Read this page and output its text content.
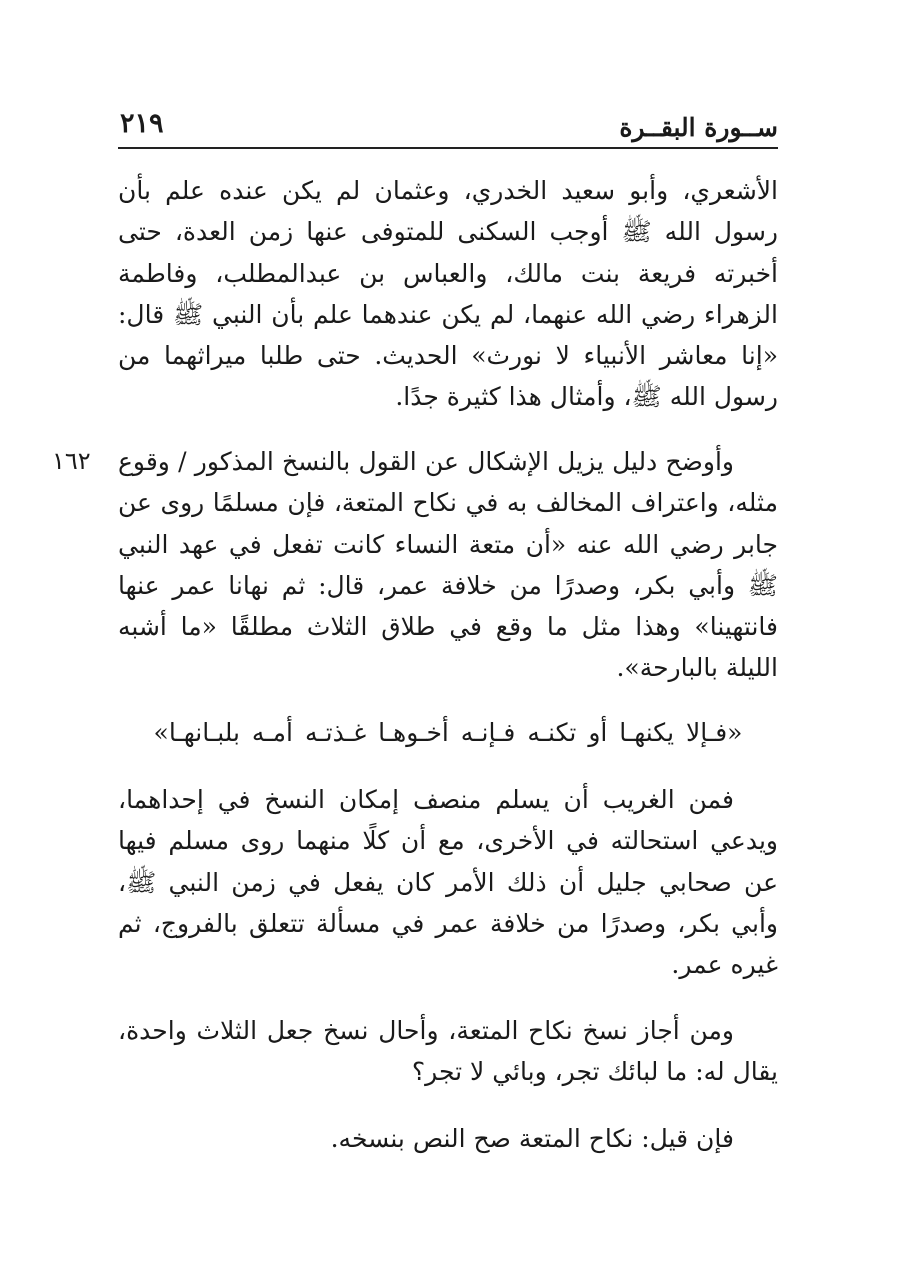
ســورة البقــرة
٢١٩

الأشعري، وأبو سعيد الخدري، وعثمان لم يكن عنده علم بأن رسول الله ﷺ أوجب السكنى للمتوفى عنها زمن العدة، حتى أخبرته فريعة بنت مالك، والعباس بن عبدالمطلب، وفاطمة الزهراء رضي الله عنهما، لم يكن عندهما علم بأن النبي ﷺ قال: «إنا معاشر الأنبياء لا نورث» الحديث. حتى طلبا ميراثهما من رسول الله ﷺ، وأمثال هذا كثيرة جدًا.

١٦٢ وأوضح دليل يزيل الإشكال عن القول بالنسخ المذكور / وقوع مثله، واعتراف المخالف به في نكاح المتعة، فإن مسلمًا روى عن جابر رضي الله عنه «أن متعة النساء كانت تفعل في عهد النبي ﷺ وأبي بكر، وصدرًا من خلافة عمر، قال: ثم نهانا عمر عنها فانتهينا» وهذا مثل ما وقع في طلاق الثلاث مطلقًا «ما أشبه الليلة بالبارحة».

«فـإلا يكنهـا أو تكنـه فـإنـه أخـوهـا غـذتـه أمـه بلبـانهـا»

فمن الغريب أن يسلم منصف إمكان النسخ في إحداهما، ويدعي استحالته في الأخرى، مع أن كلًا منهما روى مسلم فيها عن صحابي جليل أن ذلك الأمر كان يفعل في زمن النبي ﷺ، وأبي بكر، وصدرًا من خلافة عمر في مسألة تتعلق بالفروج، ثم غيره عمر.

ومن أجاز نسخ نكاح المتعة، وأحال نسخ جعل الثلاث واحدة، يقال له: ما لبائك تجر، وبائي لا تجر؟

فإن قيل: نكاح المتعة صح النص بنسخه.
